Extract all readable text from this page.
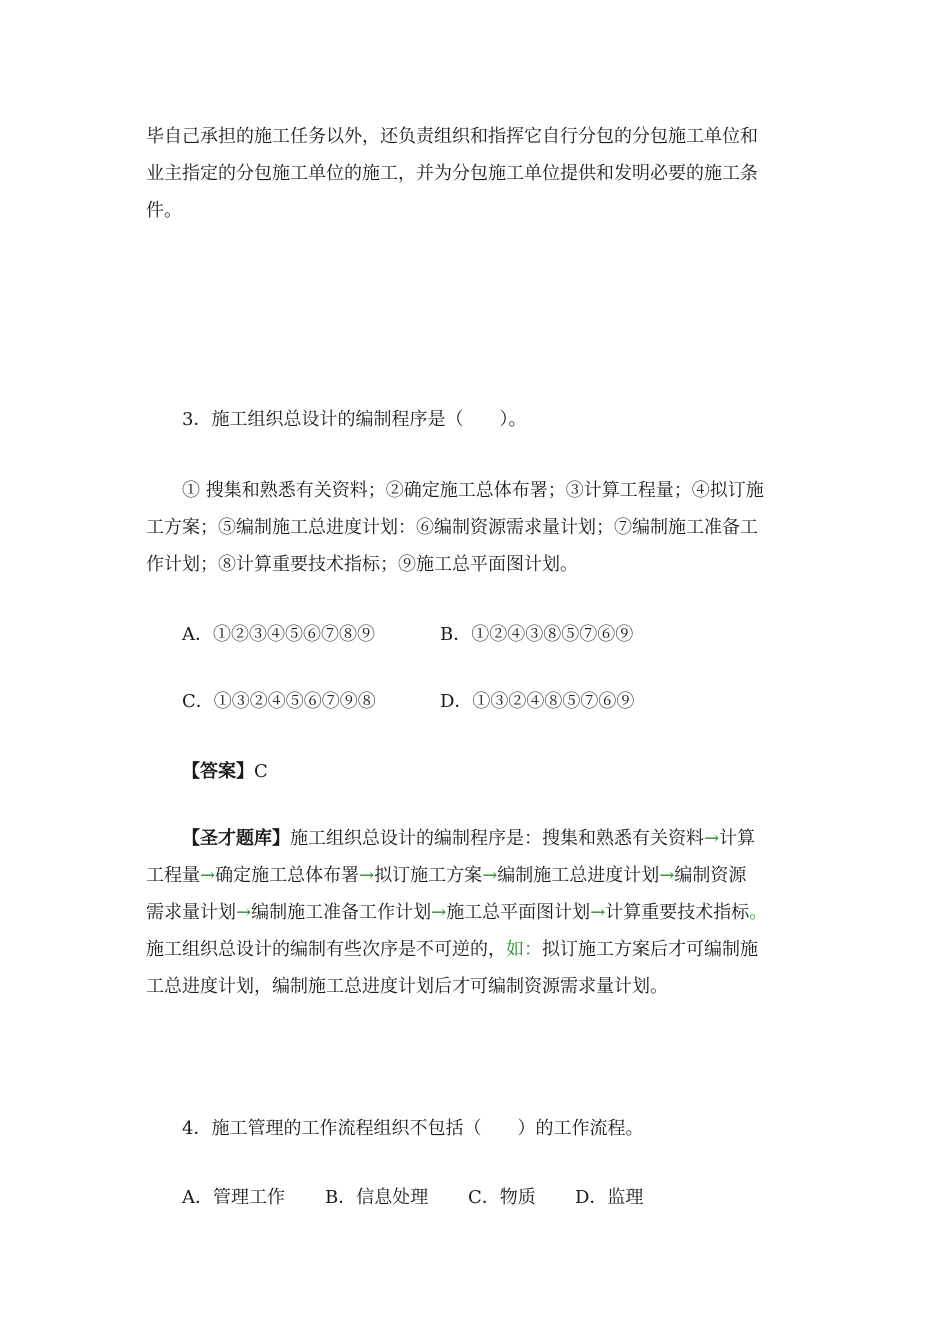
毕自己承担的施工任务以外，还负责组织和指挥它自行分包的分包施工单位和
业主指定的分包施工单位的施工，并为分包施工单位提供和发明必要的施工条
件。
3．施工组织总设计的编制程序是（　　）。
① 搜集和熟悉有关资料；②确定施工总体布署；③计算工程量；④拟订施
工方案；⑤编制施工总进度计划：⑥编制资源需求量计划；⑦编制施工准备工
作计划；⑧计算重要技术指标；⑨施工总平面图计划。
A．①②③④⑤⑥⑦⑧⑨	B．①②④③⑧⑤⑦⑥⑨
C．①③②④⑤⑥⑦⑨⑧	D．①③②④⑧⑤⑦⑥⑨
【答案】C
【圣才题库】施工组织总设计的编制程序是：搜集和熟悉有关资料→计算
工程量→确定施工总体布署→拟订施工方案→编制施工总进度计划→编制资源
需求量计划→编制施工准备工作计划→施工总平面图计划→计算重要技术指标。
施工组织总设计的编制有些次序是不可逆的，如：拟订施工方案后才可编制施
工总进度计划，编制施工总进度计划后才可编制资源需求量计划。
4．施工管理的工作流程组织不包括（　　）的工作流程。
A．管理工作 B．信息处理 C．物质 D．监理
